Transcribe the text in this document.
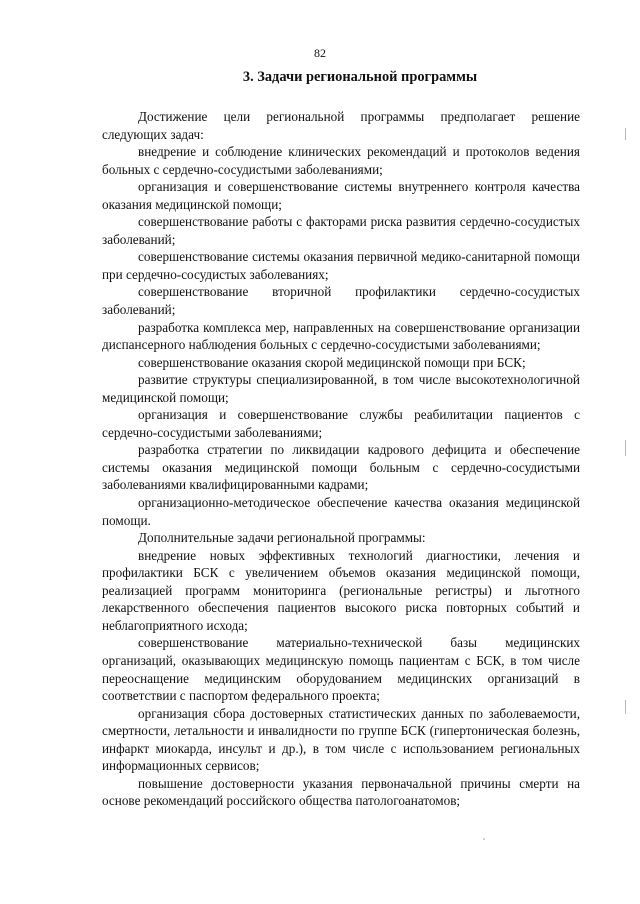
82
3. Задачи региональной программы

Достижение цели региональной программы предполагает решение следующих задач:

внедрение и соблюдение клинических рекомендаций и протоколов ведения больных с сердечно-сосудистыми заболеваниями;

организация и совершенствование системы внутреннего контроля качества оказания медицинской помощи;

совершенствование работы с факторами риска развития сердечно-сосудистых заболеваний;

совершенствование системы оказания первичной медико-санитарной помощи при сердечно-сосудистых заболеваниях;

совершенствование вторичной профилактики сердечно-сосудистых заболеваний;

разработка комплекса мер, направленных на совершенствование организации диспансерного наблюдения больных с сердечно-сосудистыми заболеваниями;

совершенствование оказания скорой медицинской помощи при БСК;

развитие структуры специализированной, в том числе высокотехнологичной медицинской помощи;

организация и совершенствование службы реабилитации пациентов с сердечно-сосудистыми заболеваниями;

разработка стратегии по ликвидации кадрового дефицита и обеспечение системы оказания медицинской помощи больным с сердечно-сосудистыми заболеваниями квалифицированными кадрами;

организационно-методическое обеспечение качества оказания медицинской помощи.

Дополнительные задачи региональной программы:

внедрение новых эффективных технологий диагностики, лечения и профилактики БСК с увеличением объемов оказания медицинской помощи, реализацией программ мониторинга (региональные регистры) и льготного лекарственного обеспечения пациентов высокого риска повторных событий и неблагоприятного исхода;

совершенствование материально-технической базы медицинских организаций, оказывающих медицинскую помощь пациентам с БСК, в том числе переоснащение медицинским оборудованием медицинских организаций в соответствии с паспортом федерального проекта;

организация сбора достоверных статистических данных по заболеваемости, смертности, летальности и инвалидности по группе БСК (гипертоническая болезнь, инфаркт миокарда, инсульт и др.), в том числе с использованием региональных информационных сервисов;

повышение достоверности указания первоначальной причины смерти на основе рекомендаций российского общества патологоанатомов;
